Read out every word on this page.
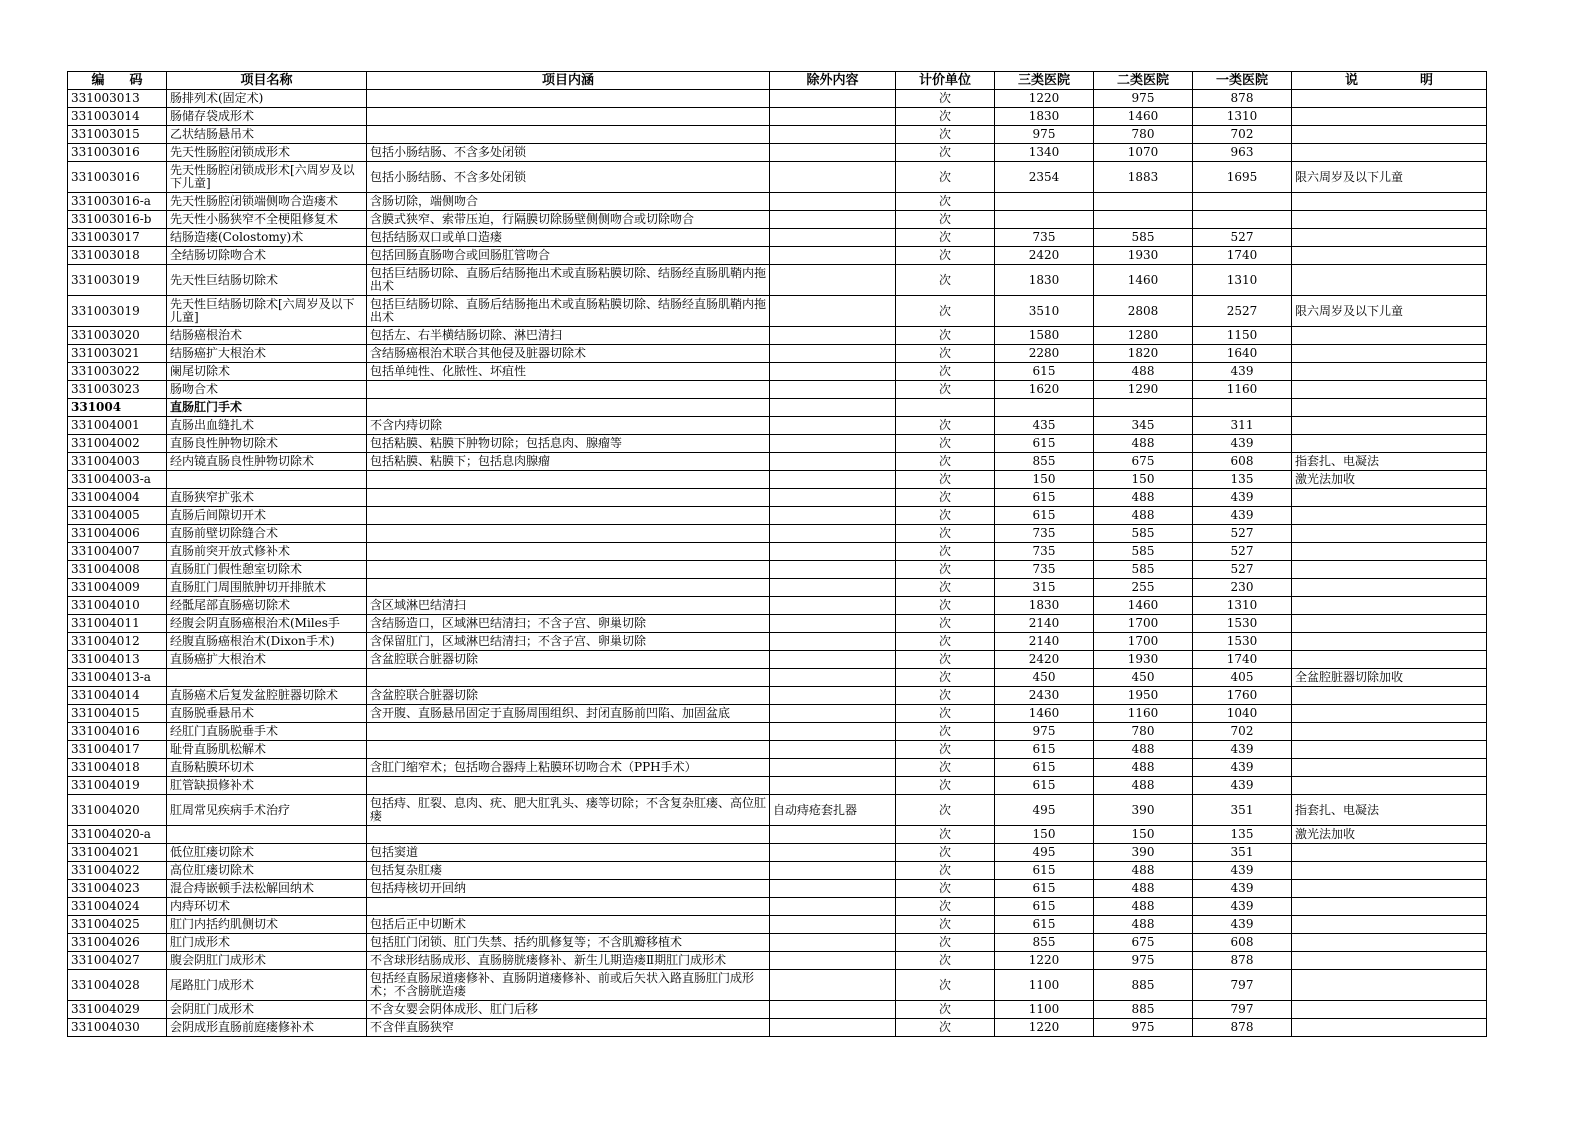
编 码	项目名称	项目内涵	除外内容	计价单位	三类医院	二类医院	一类医院	说 明

331003013	肠排列术(固定术)			次	1220	975	878	
331003014	肠储存袋成形术			次	1830	1460	1310	
331003015	乙状结肠悬吊术			次	975	780	702	
331003016	先天性肠腔闭锁成形术	包括小肠结肠、不含多处闭锁		次	1340	1070	963	
331003016	先天性肠腔闭锁成形术[六周岁及以下儿童]	包括小肠结肠、不含多处闭锁		次	2354	1883	1695	限六周岁及以下儿童
331003016-a	先天性肠腔闭锁端侧吻合造瘘术	含肠切除，端侧吻合		次				
331003016-b	先天性小肠狭窄不全梗阻修复术	含膜式狭窄、索带压迫，行隔膜切除肠壁侧侧吻合或切除吻合		次				
331003017	结肠造瘘(Colostomy)术	包括结肠双口或单口造瘘		次	735	585	527	
331003018	全结肠切除吻合术	包括回肠直肠吻合或回肠肛管吻合		次	2420	1930	1740	
331003019	先天性巨结肠切除术	包括巨结肠切除、直肠后结肠拖出术或直肠粘膜切除、结肠经直肠肌鞘内拖出术		次	1830	1460	1310	
331003019	先天性巨结肠切除术[六周岁及以下儿童]	包括巨结肠切除、直肠后结肠拖出术或直肠粘膜切除、结肠经直肠肌鞘内拖出术		次	3510	2808	2527	限六周岁及以下儿童
331003020	结肠癌根治术	包括左、右半横结肠切除、淋巴清扫		次	1580	1280	1150	
331003021	结肠癌扩大根治术	含结肠癌根治术联合其他侵及脏器切除术		次	2280	1820	1640	
331003022	阑尾切除术	包括单纯性、化脓性、坏疽性		次	615	488	439	
331003023	肠吻合术			次	1620	1290	1160	
331004	直肠肛门手术							
331004001	直肠出血缝扎术	不含内痔切除		次	435	345	311	
331004002	直肠良性肿物切除术	包括粘膜、粘膜下肿物切除；包括息肉、腺瘤等		次	615	488	439	
331004003	经内镜直肠良性肿物切除术	包括粘膜、粘膜下；包括息肉腺瘤		次	855	675	608	指套扎、电凝法
331004003-a				次	150	150	135	激光法加收
331004004	直肠狭窄扩张术			次	615	488	439	
331004005	直肠后间隙切开术			次	615	488	439	
331004006	直肠前壁切除缝合术			次	735	585	527	
331004007	直肠前突开放式修补术			次	735	585	527	
331004008	直肠肛门假性憩室切除术			次	735	585	527	
331004009	直肠肛门周围脓肿切开排脓术			次	315	255	230	
331004010	经骶尾部直肠癌切除术	含区域淋巴结清扫		次	1830	1460	1310	
331004011	经腹会阴直肠癌根治术(Miles手	含结肠造口，区域淋巴结清扫；不含子宫、卵巢切除		次	2140	1700	1530	
331004012	经腹直肠癌根治术(Dixon手术)	含保留肛门，区域淋巴结清扫；不含子宫、卵巢切除		次	2140	1700	1530	
331004013	直肠癌扩大根治术	含盆腔联合脏器切除		次	2420	1930	1740	
331004013-a				次	450	450	405	全盆腔脏器切除加收
331004014	直肠癌术后复发盆腔脏器切除术	含盆腔联合脏器切除		次	2430	1950	1760	
331004015	直肠脱垂悬吊术	含开腹、直肠悬吊固定于直肠周围组织、封闭直肠前凹陷、加固盆底		次	1460	1160	1040	
331004016	经肛门直肠脱垂手术			次	975	780	702	
331004017	耻骨直肠肌松解术			次	615	488	439	
331004018	直肠粘膜环切术	含肛门缩窄术；包括吻合器痔上粘膜环切吻合术（PPH手术）		次	615	488	439	
331004019	肛管缺损修补术			次	615	488	439	
331004020	肛周常见疾病手术治疗	包括痔、肛裂、息肉、疣、肥大肛乳头、瘘等切除；不含复杂肛瘘、高位肛瘘	自动痔疮套扎器	次	495	390	351	指套扎、电凝法
331004020-a				次	150	150	135	激光法加收
331004021	低位肛瘘切除术	包括窦道		次	495	390	351	
331004022	高位肛瘘切除术	包括复杂肛瘘		次	615	488	439	
331004023	混合痔嵌顿手法松解回纳术	包括痔核切开回纳		次	615	488	439	
331004024	内痔环切术			次	615	488	439	
331004025	肛门内括约肌侧切术	包括后正中切断术		次	615	488	439	
331004026	肛门成形术	包括肛门闭锁、肛门失禁、括约肌修复等；不含肌瓣移植术		次	855	675	608	
331004027	腹会阴肛门成形术	不含球形结肠成形、直肠膀胱瘘修补、新生儿期造瘘Ⅱ期肛门成形术		次	1220	975	878	
331004028	尾路肛门成形术	包括经直肠尿道瘘修补、直肠阴道瘘修补、前或后矢状入路直肠肛门成形术；不含膀胱造瘘		次	1100	885	797	
331004029	会阴肛门成形术	不含女婴会阴体成形、肛门后移		次	1100	885	797	
331004030	会阴成形直肠前庭瘘修补术	不含伴直肠狭窄		次	1220	975	878	
